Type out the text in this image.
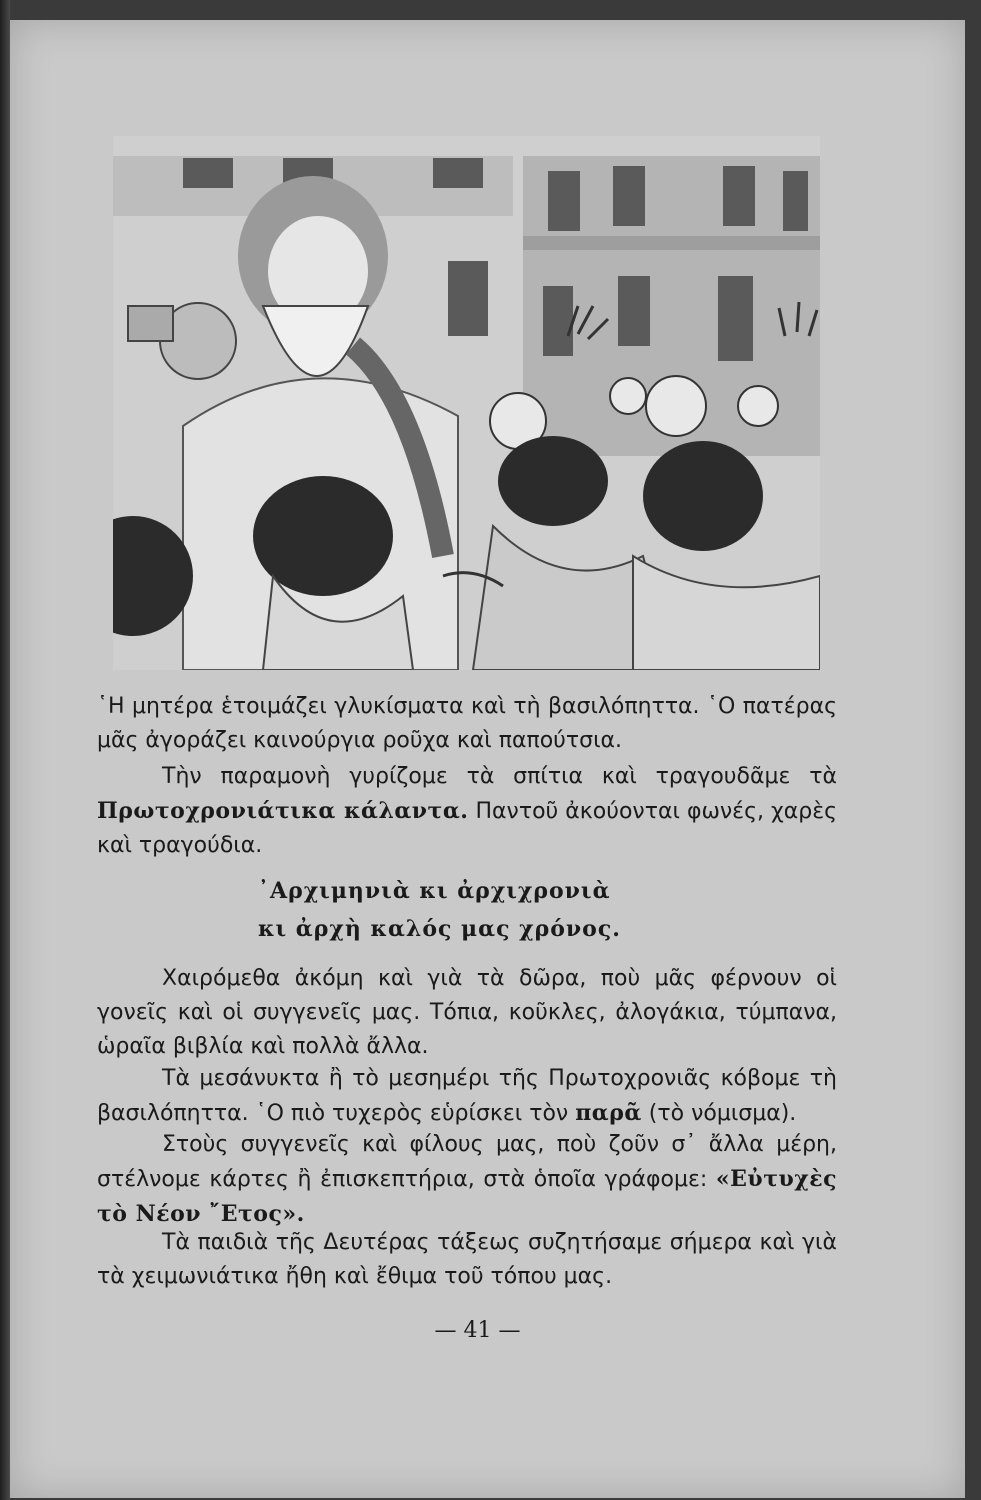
῾Η μητέρα ἑτοιμάζει γλυκίσματα καὶ τὴ βασιλόπηττα. ῾Ο πατέρας μᾶς ἀγοράζει καινούργια ροῦχα καὶ παπούτσια.
Τὴν παραμονὴ γυρίζομε τὰ σπίτια καὶ τραγουδᾶμε τὰ Πρωτοχρονιάτικα κάλαντα. Παντοῦ ἀκούονται φωνές, χαρὲς καὶ τραγούδια.
᾿Αρχιμηνιὰ κι ἀρχιχρονιὰ
κι ἀρχὴ καλός μας χρόνος.
Χαιρόμεθα ἀκόμη καὶ γιὰ τὰ δῶρα, ποὺ μᾶς φέρνουν οἱ γονεῖς καὶ οἱ συγγενεῖς μας. Τόπια, κοῦκλες, ἀλογάκια, τύμπανα, ὡραῖα βιβλία καὶ πολλὰ ἄλλα.
Τὰ μεσάνυκτα ἢ τὸ μεσημέρι τῆς Πρωτοχρονιᾶς κόβομε τὴ βασιλόπηττα. ῾Ο πιὸ τυχερὸς εὑρίσκει τὸν παρᾶ (τὸ νόμισμα).
Στοὺς συγγενεῖς καὶ φίλους μας, ποὺ ζοῦν σ᾿ ἄλλα μέρη, στέλνομε κάρτες ἢ ἐπισκεπτήρια, στὰ ὁποῖα γράφομε: «Εὐτυχὲς τὸ Νέον ῎Ετος».
Τὰ παιδιὰ τῆς Δευτέρας τάξεως συζητήσαμε σήμερα καὶ γιὰ τὰ χειμωνιάτικα ἤθη καὶ ἔθιμα τοῦ τόπου μας.
— 41 —
